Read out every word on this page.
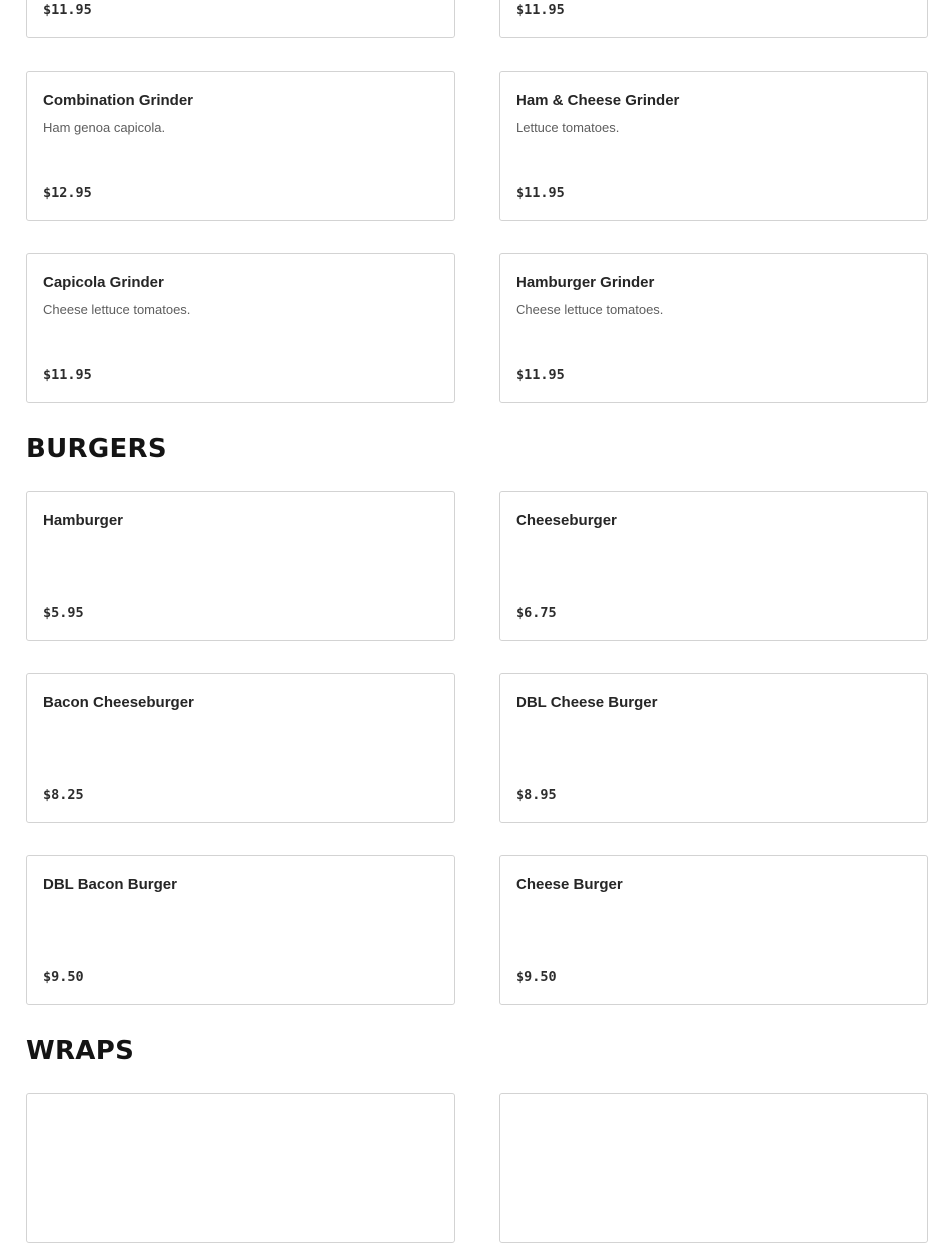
$11.95	$11.95
Combination Grinder
Ham genoa capicola.
$12.95
Ham & Cheese Grinder
Lettuce tomatoes.
$11.95
Capicola Grinder
Cheese lettuce tomatoes.
$11.95
Hamburger Grinder
Cheese lettuce tomatoes.
$11.95
BURGERS
Hamburger
$5.95
Cheeseburger
$6.75
Bacon Cheeseburger
$8.25
DBL Cheese Burger
$8.95
DBL Bacon Burger
$9.50
Cheese Burger
$9.50
WRAPS
